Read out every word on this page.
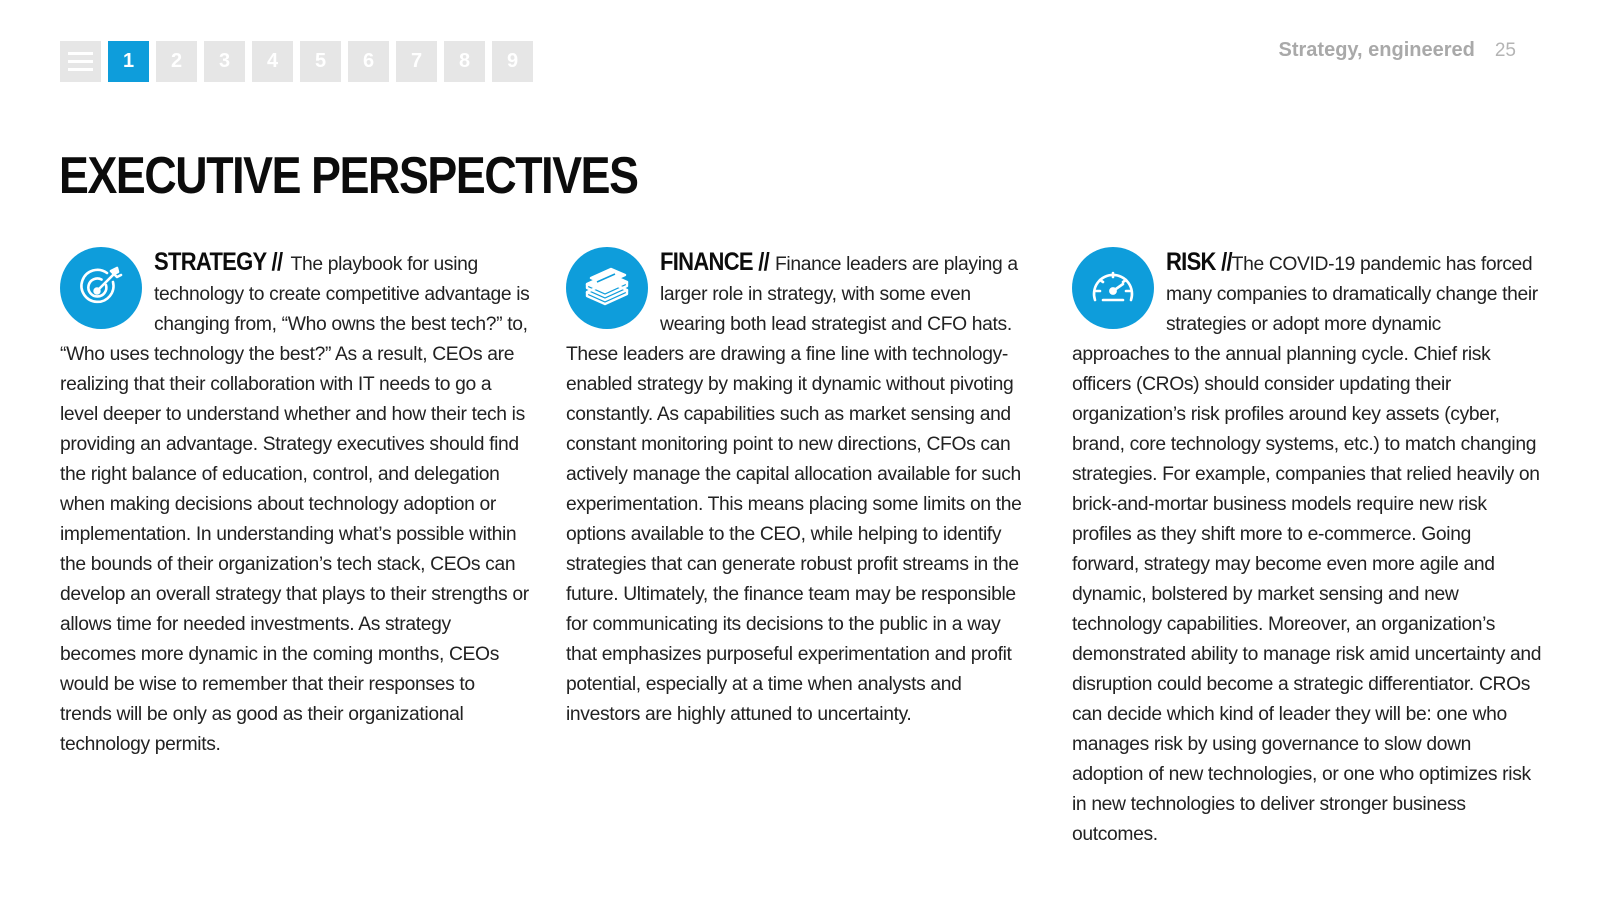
1	2	3	4	5	6	7	8	9	Strategy, engineered 25
EXECUTIVE PERSPECTIVES

STRATEGY // The playbook for using technology to create competitive advantage is changing from, “Who owns the best tech?” to, “Who uses technology the best?” As a result, CEOs are realizing that their collaboration with IT needs to go a level deeper to understand whether and how their tech is providing an advantage. Strategy executives should find the right balance of education, control, and delegation when making decisions about technology adoption or implementation. In understanding what’s possible within the bounds of their organization’s tech stack, CEOs can develop an overall strategy that plays to their strengths or allows time for needed investments. As strategy becomes more dynamic in the coming months, CEOs would be wise to remember that their responses to trends will be only as good as their organizational technology permits.

FINANCE // Finance leaders are playing a larger role in strategy, with some even wearing both lead strategist and CFO hats. These leaders are drawing a fine line with technology-enabled strategy by making it dynamic without pivoting constantly. As capabilities such as market sensing and constant monitoring point to new directions, CFOs can actively manage the capital allocation available for such experimentation. This means placing some limits on the options available to the CEO, while helping to identify strategies that can generate robust profit streams in the future. Ultimately, the finance team may be responsible for communicating its decisions to the public in a way that emphasizes purposeful experimentation and profit potential, especially at a time when analysts and investors are highly attuned to uncertainty.

RISK // The COVID-19 pandemic has forced many companies to dramatically change their strategies or adopt more dynamic approaches to the annual planning cycle. Chief risk officers (CROs) should consider updating their organization’s risk profiles around key assets (cyber, brand, core technology systems, etc.) to match changing strategies. For example, companies that relied heavily on brick-and-mortar business models require new risk profiles as they shift more to e-commerce. Going forward, strategy may become even more agile and dynamic, bolstered by market sensing and new technology capabilities. Moreover, an organization’s demonstrated ability to manage risk amid uncertainty and disruption could become a strategic differentiator. CROs can decide which kind of leader they will be: one who manages risk by using governance to slow down adoption of new technologies, or one who optimizes risk in new technologies to deliver stronger business outcomes.
